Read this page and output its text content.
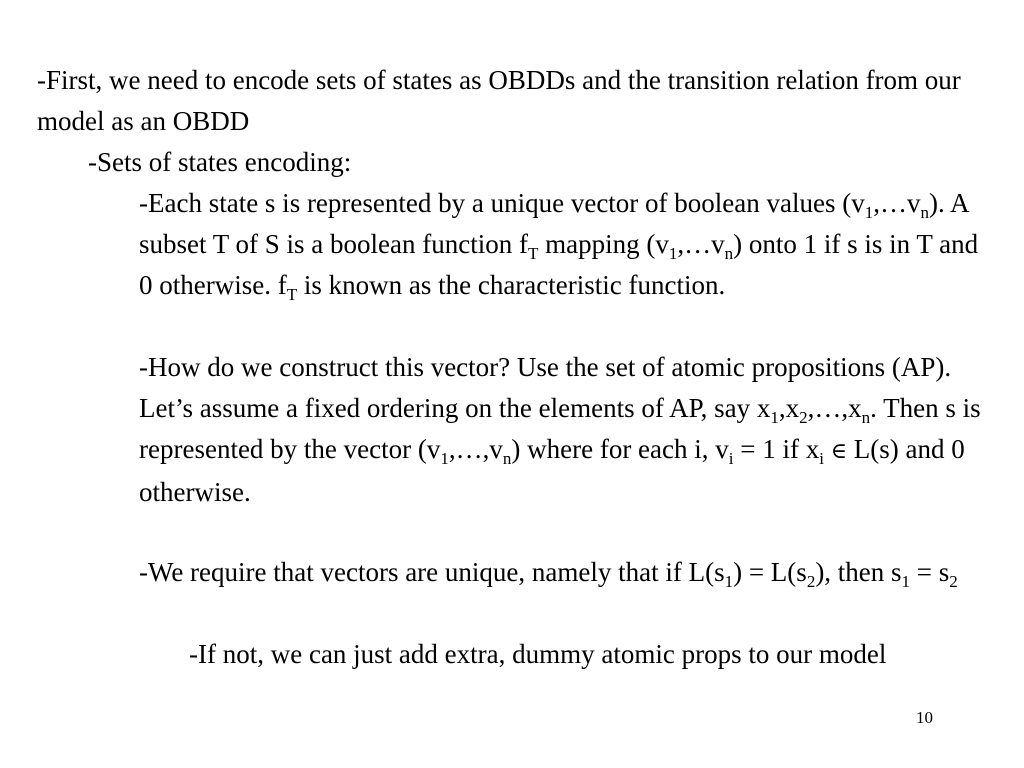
-First, we need to encode sets of states as OBDDs and the transition relation from our model as an OBDD

-Sets of states encoding:

-Each state s is represented by a unique vector of boolean values $(v_1,\dots v_n)$. A subset T of S is a boolean function $f_T$ mapping $(v_1,\dots v_n)$ onto 1 if s is in T and 0 otherwise. $f_T$ is known as the characteristic function.

-How do we construct this vector? Use the set of atomic propositions (AP). Let’s assume a fixed ordering on the elements of AP, say $x_1,x_2,\dots,x_n$. Then s is represented by the vector $(v_1,\dots,v_n)$ where for each i, $v_i = 1$ if $x_i$ ∈ L(s) and 0 otherwise.

-We require that vectors are unique, namely that if $L(s_1) = L(s_2)$, then $s_1 = s_2$

-If not, we can just add extra, dummy atomic props to our model

10
